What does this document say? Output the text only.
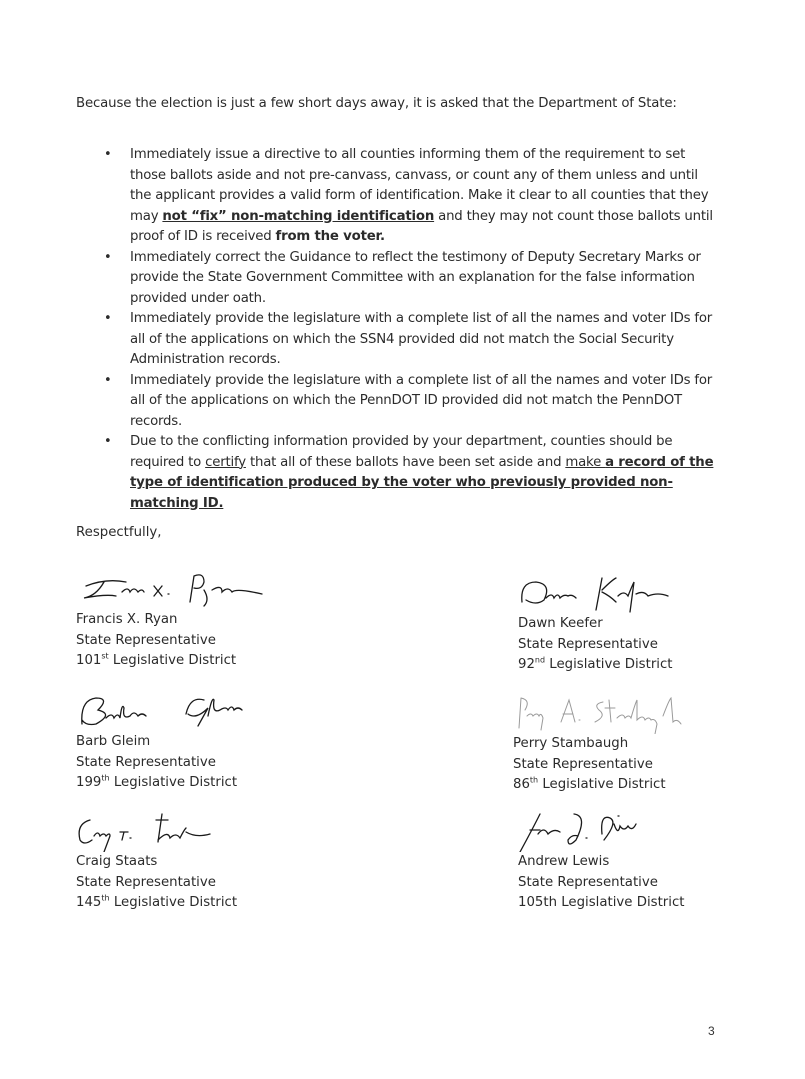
Because the election is just a few short days away, it is asked that the Department of State:
• Immediately issue a directive to all counties informing them of the requirement to set those ballots aside and not pre-canvass, canvass, or count any of them unless and until the applicant provides a valid form of identification. Make it clear to all counties that they may not “fix” non-matching identification and they may not count those ballots until proof of ID is received from the voter.
• Immediately correct the Guidance to reflect the testimony of Deputy Secretary Marks or provide the State Government Committee with an explanation for the false information provided under oath.
• Immediately provide the legislature with a complete list of all the names and voter IDs for all of the applications on which the SSN4 provided did not match the Social Security Administration records.
• Immediately provide the legislature with a complete list of all the names and voter IDs for all of the applications on which the PennDOT ID provided did not match the PennDOT records.
• Due to the conflicting information provided by your department, counties should be required to certify that all of these ballots have been set aside and make a record of the type of identification produced by the voter who previously provided non-matching ID.
Respectfully,
Francis X. Ryan
State Representative
101st Legislative District
Dawn Keefer
State Representative
92nd Legislative District
Barb Gleim
State Representative
199th Legislative District
Perry Stambaugh
State Representative
86th Legislative District
Craig Staats
State Representative
145th Legislative District
Andrew Lewis
State Representative
105th Legislative District
3
